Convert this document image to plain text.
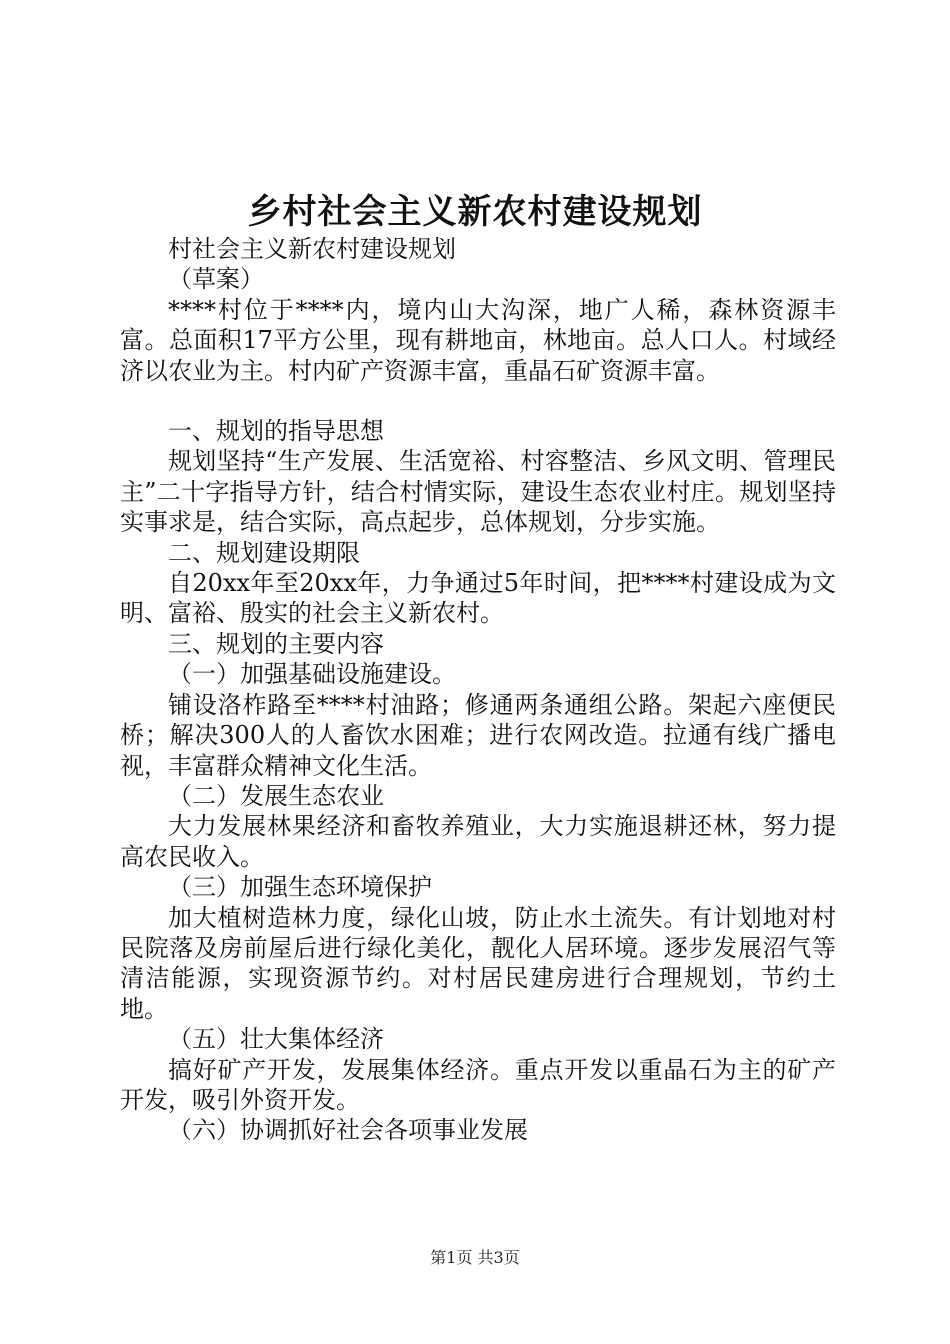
乡村社会主义新农村建设规划

村社会主义新农村建设规划

（草案）

****村位于****内，境内山大沟深，地广人稀，森林资源丰富。总面积17平方公里，现有耕地亩，林地亩。总人口人。村域经济以农业为主。村内矿产资源丰富，重晶石矿资源丰富。

一、规划的指导思想

规划坚持“生产发展、生活宽裕、村容整洁、乡风文明、管理民主”二十字指导方针，结合村情实际，建设生态农业村庄。规划坚持实事求是，结合实际，高点起步，总体规划，分步实施。

二、规划建设期限

自20xx年至20xx年，力争通过5年时间，把****村建设成为文明、富裕、殷实的社会主义新农村。

三、规划的主要内容

（一）加强基础设施建设。

铺设洛柞路至****村油路；修通两条通组公路。架起六座便民桥；解决300人的人畜饮水困难；进行农网改造。拉通有线广播电视，丰富群众精神文化生活。

（二）发展生态农业

大力发展林果经济和畜牧养殖业，大力实施退耕还林，努力提高农民收入。

（三）加强生态环境保护

加大植树造林力度，绿化山坡，防止水土流失。有计划地对村民院落及房前屋后进行绿化美化，靓化人居环境。逐步发展沼气等清洁能源，实现资源节约。对村居民建房进行合理规划，节约土地。

（五）壮大集体经济

搞好矿产开发，发展集体经济。重点开发以重晶石为主的矿产开发，吸引外资开发。

（六）协调抓好社会各项事业发展

第1页 共3页
